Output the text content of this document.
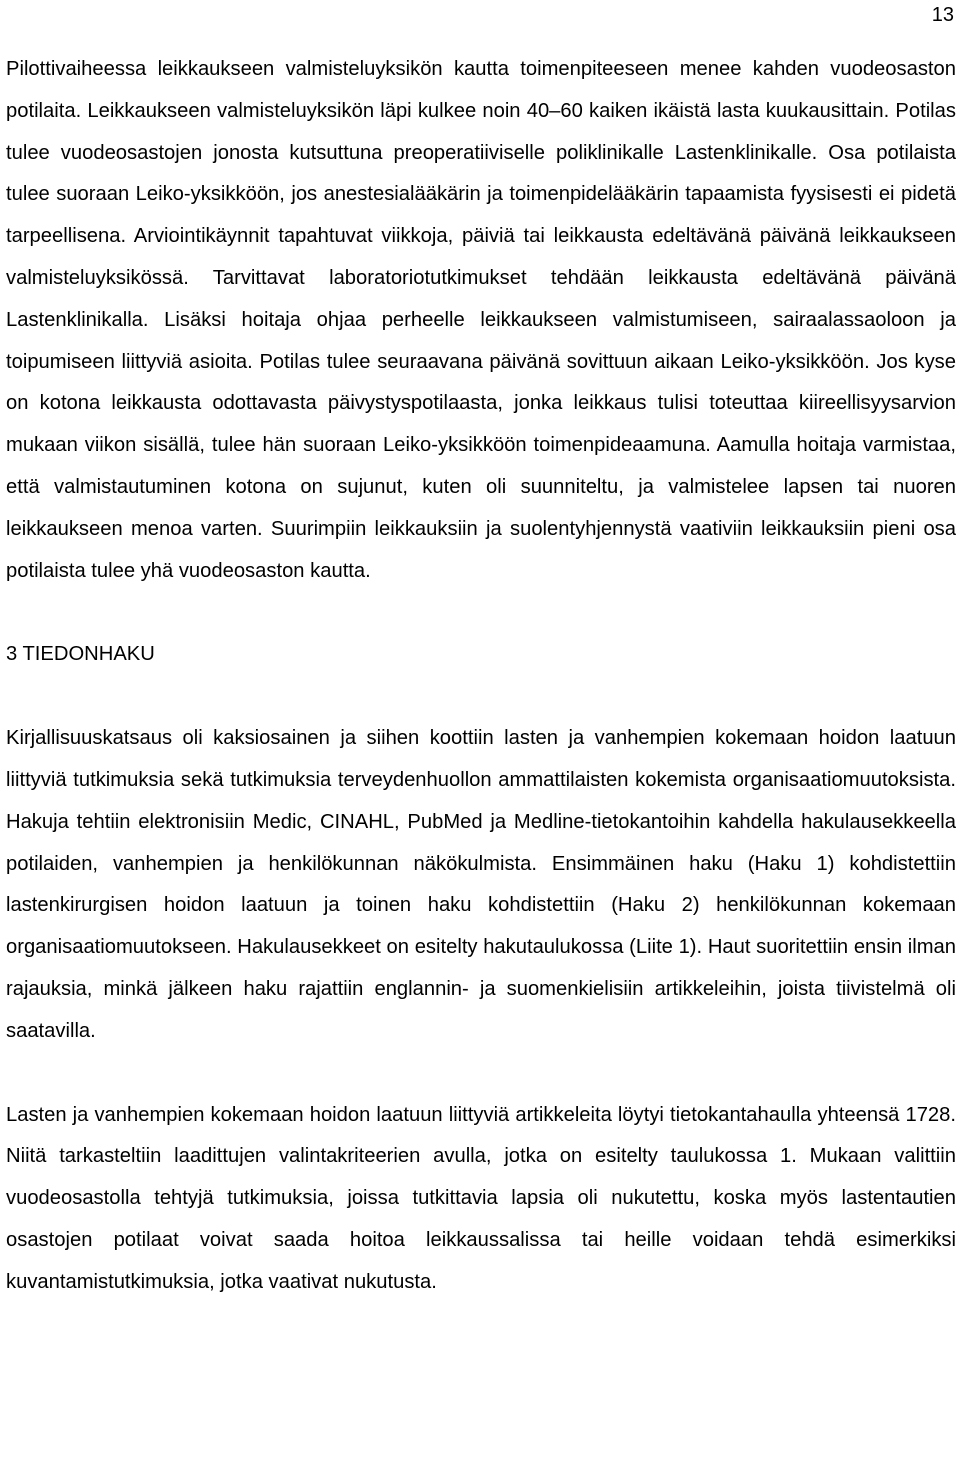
13

Pilottivaiheessa leikkaukseen valmisteluyksikön kautta toimenpiteeseen menee kahden vuodeosaston potilaita. Leikkaukseen valmisteluyksikön läpi kulkee noin 40–60 kaiken ikäistä lasta kuukausittain. Potilas tulee vuodeosastojen jonosta kutsuttuna preoperatiiviselle poliklinikalle Lastenklinikalle. Osa potilaista tulee suoraan Leiko-yksikköön, jos anestesialääkärin ja toimenpidelääkärin tapaamista fyysisesti ei pidetä tarpeellisena. Arviointikäynnit tapahtuvat viikkoja, päiviä tai leikkausta edeltävänä päivänä leikkaukseen valmisteluyksikössä. Tarvittavat laboratoriotutkimukset tehdään leikkausta edeltävänä päivänä Lastenklinikalla. Lisäksi hoitaja ohjaa perheelle leikkaukseen valmistumiseen, sairaalassaoloon ja toipumiseen liittyviä asioita. Potilas tulee seuraavana päivänä sovittuun aikaan Leiko-yksikköön. Jos kyse on kotona leikkausta odottavasta päivystyspotilaasta, jonka leikkaus tulisi toteuttaa kiireellisyysarvion mukaan viikon sisällä, tulee hän suoraan Leiko-yksikköön toimenpideaamuna. Aamulla hoitaja varmistaa, että valmistautuminen kotona on sujunut, kuten oli suunniteltu, ja valmistelee lapsen tai nuoren leikkaukseen menoa varten. Suurimpiin leikkauksiin ja suolentyhjennystä vaativiin leikkauksiin pieni osa potilaista tulee yhä vuodeosaston kautta.

3 TIEDONHAKU

Kirjallisuuskatsaus oli kaksiosainen ja siihen koottiin lasten ja vanhempien kokemaan hoidon laatuun liittyviä tutkimuksia sekä tutkimuksia terveydenhuollon ammattilaisten kokemista organisaatiomuutoksista. Hakuja tehtiin elektronisiin Medic, CINAHL, PubMed ja Medline-tietokantoihin kahdella hakulausekkeella potilaiden, vanhempien ja henkilökunnan näkökulmista. Ensimmäinen haku (Haku 1) kohdistettiin lastenkirurgisen hoidon laatuun ja toinen haku kohdistettiin (Haku 2) henkilökunnan kokemaan organisaatiomuutokseen. Hakulausekkeet on esitelty hakutaulukossa (Liite 1). Haut suoritettiin ensin ilman rajauksia, minkä jälkeen haku rajattiin englannin- ja suomenkielisiin artikkeleihin, joista tiivistelmä oli saatavilla.

Lasten ja vanhempien kokemaan hoidon laatuun liittyviä artikkeleita löytyi tietokantahaulla yhteensä 1728. Niitä tarkasteltiin laadittujen valintakriteerien avulla, jotka on esitelty taulukossa 1. Mukaan valittiin vuodeosastolla tehtyjä tutkimuksia, joissa tutkittavia lapsia oli nukutettu, koska myös lastentautien osastojen potilaat voivat saada hoitoa leikkaussalissa tai heille voidaan tehdä esimerkiksi kuvantamistutkimuksia, jotka vaativat nukutusta.
